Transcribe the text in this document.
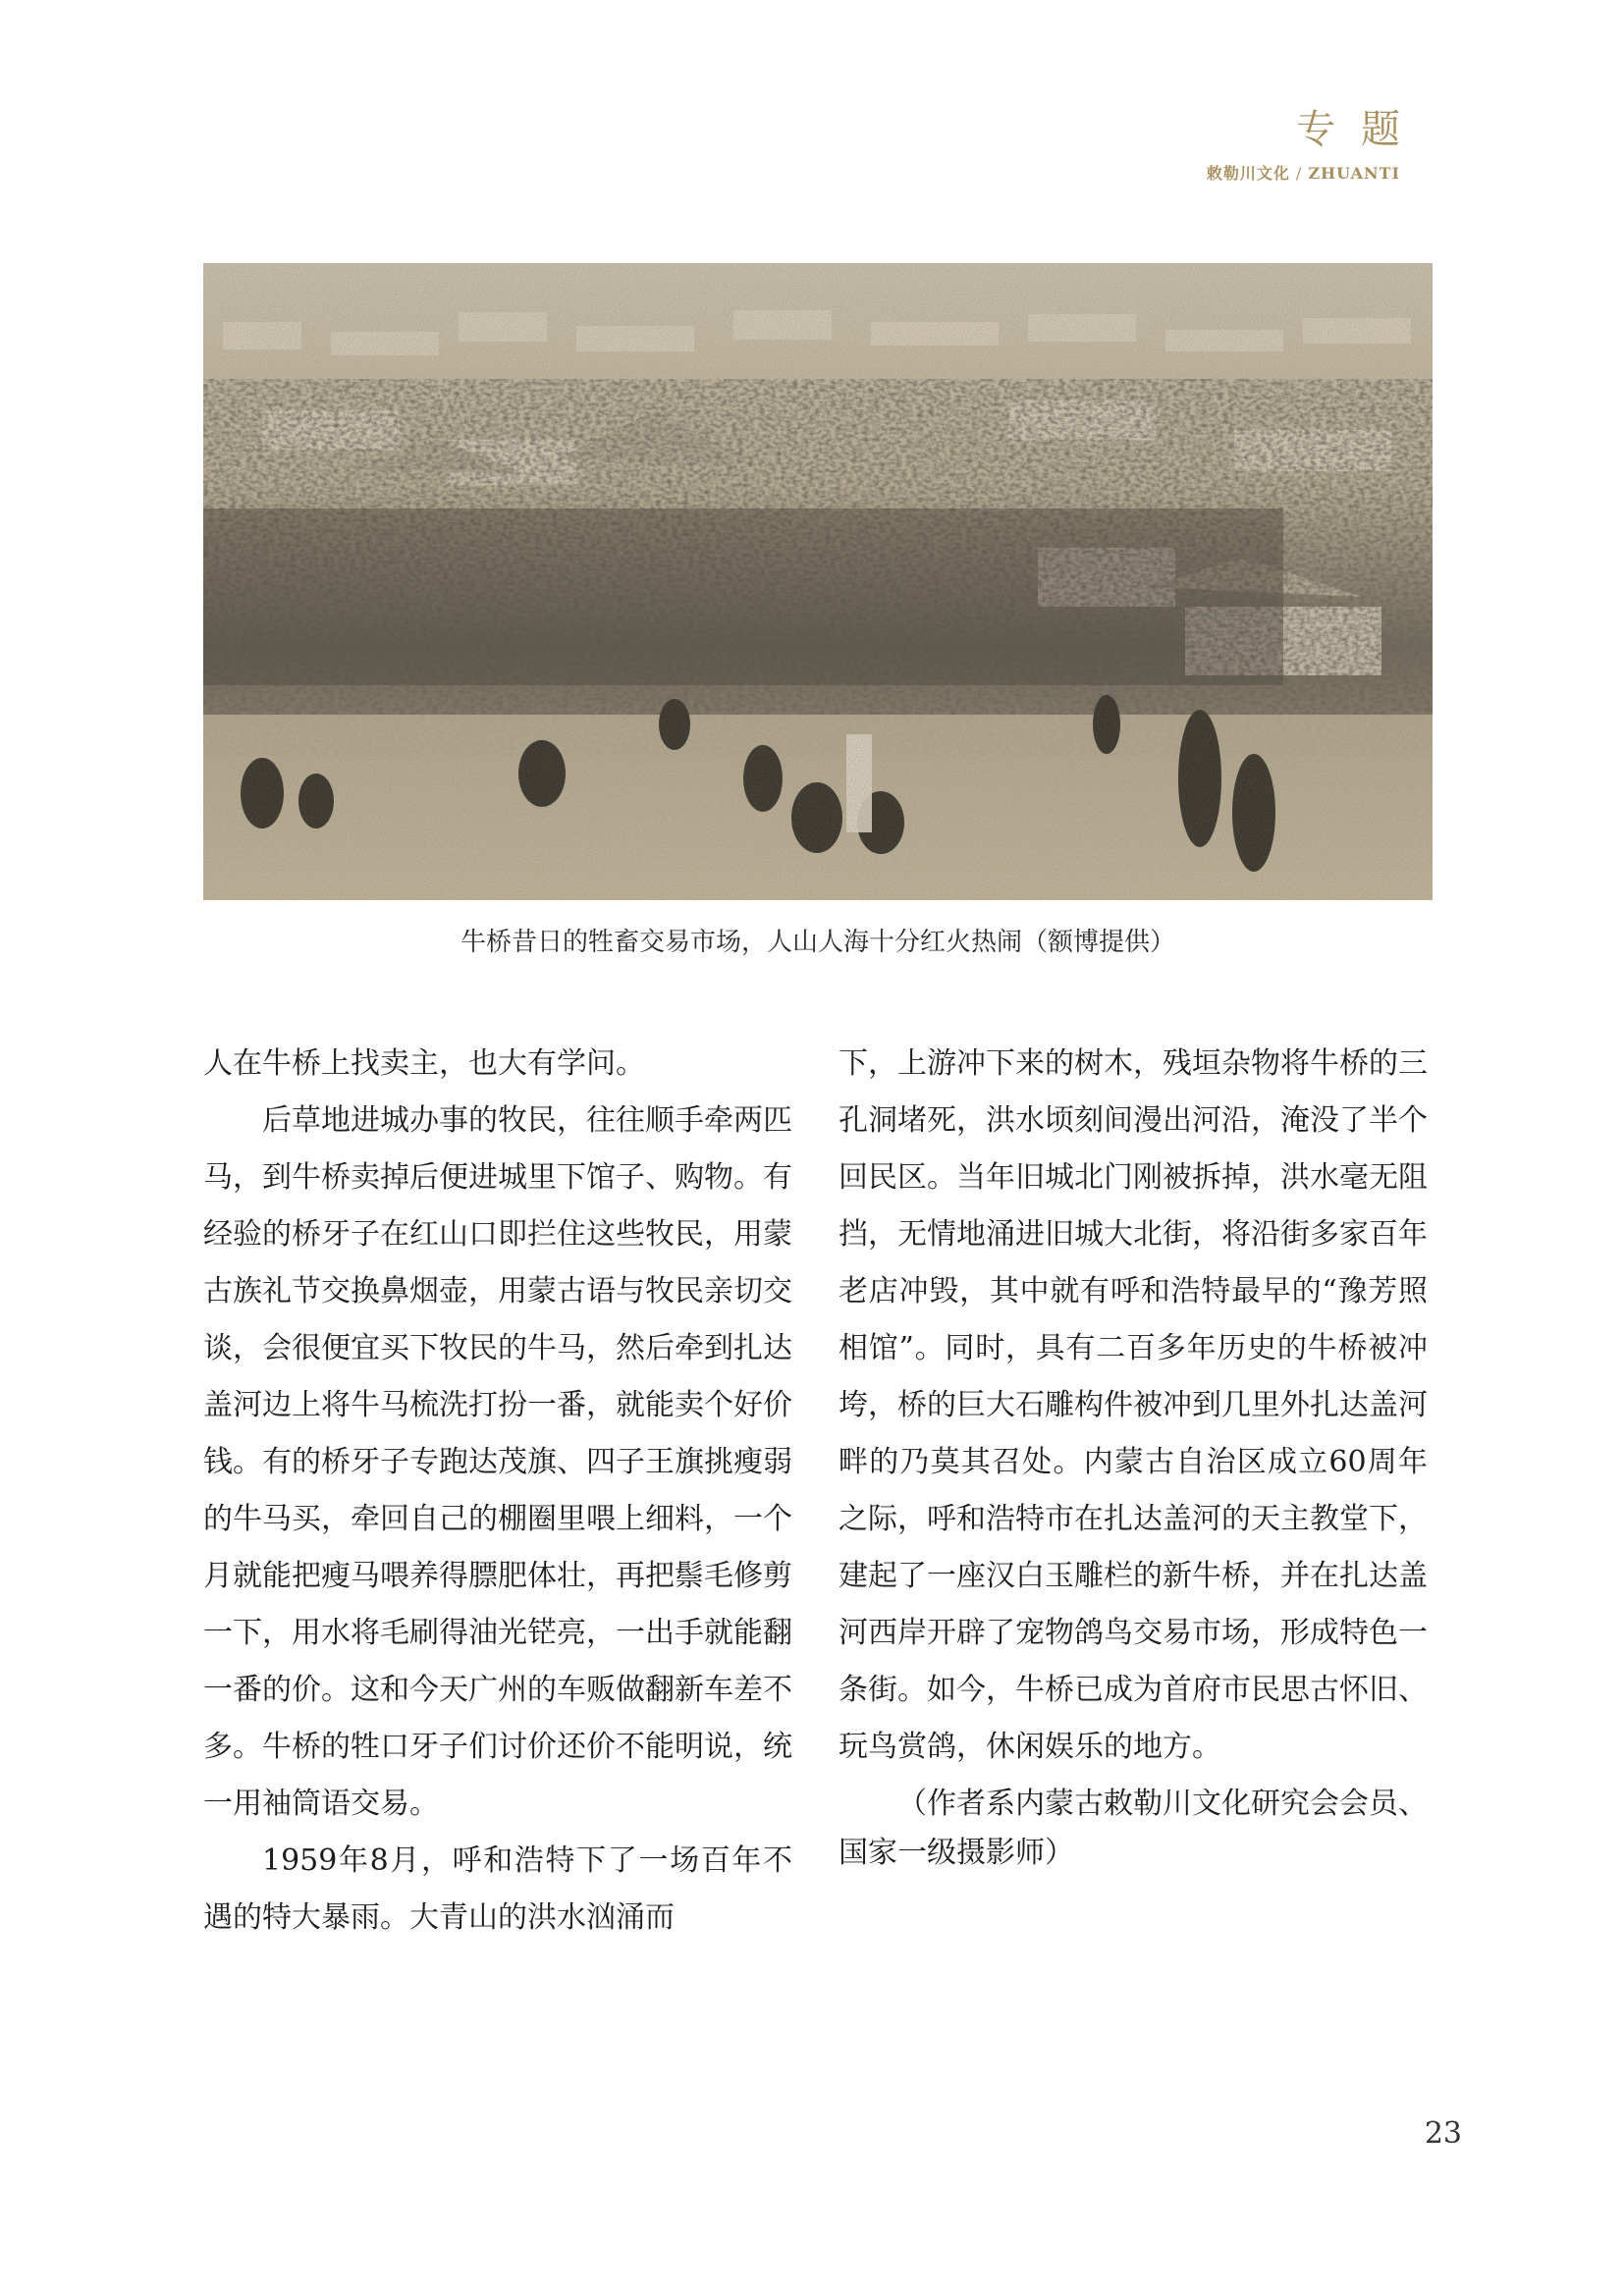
专题
敕勒川文化 / ZHUANTI
牛桥昔日的牲畜交易市场，人山人海十分红火热闹（额博提供）

人在牛桥上找卖主，也大有学问。

后草地进城办事的牧民，往往顺手牵两匹马，到牛桥卖掉后便进城里下馆子、购物。有经验的桥牙子在红山口即拦住这些牧民，用蒙古族礼节交换鼻烟壶，用蒙古语与牧民亲切交谈，会很便宜买下牧民的牛马，然后牵到扎达盖河边上将牛马梳洗打扮一番，就能卖个好价钱。有的桥牙子专跑达茂旗、四子王旗挑瘦弱的牛马买，牵回自己的棚圈里喂上细料，一个月就能把瘦马喂养得膘肥体壮，再把鬃毛修剪一下，用水将毛刷得油光铓亮，一出手就能翻一番的价。这和今天广州的车贩做翻新车差不多。牛桥的牲口牙子们讨价还价不能明说，统一用袖筒语交易。

1959年8月，呼和浩特下了一场百年不遇的特大暴雨。大青山的洪水汹涌而

下，上游冲下来的树木，残垣杂物将牛桥的三孔洞堵死，洪水顷刻间漫出河沿，淹没了半个回民区。当年旧城北门刚被拆掉，洪水毫无阻挡，无情地涌进旧城大北街，将沿街多家百年老店冲毁，其中就有呼和浩特最早的“豫芳照相馆”。同时，具有二百多年历史的牛桥被冲垮，桥的巨大石雕构件被冲到几里外扎达盖河畔的乃莫其召处。内蒙古自治区成立60周年之际，呼和浩特市在扎达盖河的天主教堂下，建起了一座汉白玉雕栏的新牛桥，并在扎达盖河西岸开辟了宠物鸽鸟交易市场，形成特色一条街。如今，牛桥已成为首府市民思古怀旧、玩鸟赏鸽，休闲娱乐的地方。

（作者系内蒙古敕勒川文化研究会会员、国家一级摄影师）

23
